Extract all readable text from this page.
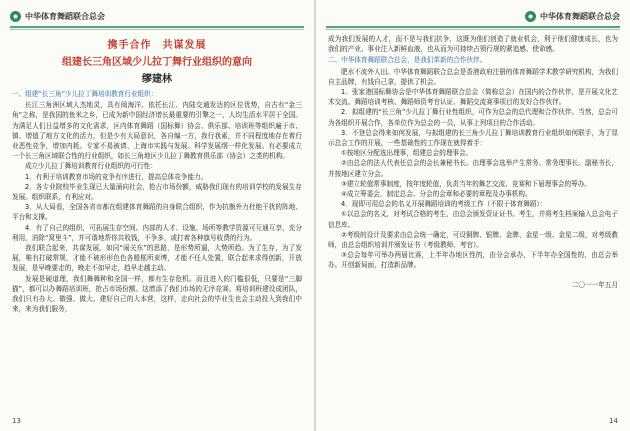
中华体育舞蹈联合总会
携手合作　共谋发展
组建长三角区域少儿拉丁舞行业组织的意向
缪建林
一、组建“长三角”少儿拉丁舞培训教育行业组织：

长江三角洲区域人杰地灵，具有阅海洋、依托长江、内陆交通发达的区位优势，自古有“金三角”之称，是我国的鱼米之乡，已成为新中国经济增长最重要的引擎之一，人均生活水平居于全国。为满足人们日益增多的文化需求，区内体育舞蹈（国标舞）协会、俱乐部、培训班等组织遍于市、镇、增值了地方文化的活力，但是少有大局意识，各自编一方，我行我素，并不同程度地存在着行业恶性竞争，增加内耗。专家不易被请、上海市实践与发展、科学发展纲一样化发展。有必要成立一个长三角区域联合性的行业组织，如长三角地区少儿拉丁舞教育俱乐部（协会）之类的机构。

成立少儿拉丁舞培训教育行业组织的可行性：

1．有利于培训教育市场的竞争有序进行，提高总体竞争能力。

2．各专业院校毕业生现已大量涌向社会，抢占市场份额，威胁我们现有的培训学校的发展生存发展。组织联系，有利应对。

3．从大局看，全国各省市都在组建体育舞蹈的自身联合组织，作为抗衡外力杜绝干扰的阵地、平台和支撑。

4．有了自己的组织，可拓展生存空间。内部的人才、设施、场所等教学资源可互通互享，充分利用，消除“窝里斗”，并可谐地帮你共收钱，不争多，或打着各种旗号收费的行为。

我们联合起来，共谋发展，如同“闹关东”的思路，是形势所逼，大势所趋。为了生存，为了发展，唯有打破常规，才能不被形形色色各般框所束缚，才能不任人处置，联合起来求得创新，开放发展，是早晚要走的，晚走不如早走，趋早走越主动。

发展是硬道理，我们舞舞种和全国一样，都有生存危机。而且进入的门槛很低，只要是“三脚猫”，都可以办舞蹈培训班，抢占市场份额。这增添了我们市场的无序竞赛。将培训班建设成团队，我们只有办大、做强、做大、建好自己的大本营，这样，走向社会的毕业生也会主动投入到我们中来，来为我们服务，

13
中华体育舞蹈联合总会

成为我们发展的人才，而不是与我们抗争，这既为他们创造了就业机会，利于他们健康成长，也为我们的产业、事业注入新鲜血液，也从而为可持续占领行规的紧追感、使命感。

二、中华体育舞蹈联合总会，是我们革新的合作伙伴。

肥水不流外人田。中华体育舞蹈联合总会是香港政府注册的体育舞蹈学术教学研究机构，为我们自主品牌，有钱自己拿，提供了机会。

1．张家港国标舞协会是中华体育舞蹈联合总会（简称总会）在国内的合作伙伴，是开展文化艺术交流、舞蹈培训考核、舞蹈师资考官认证、舞蹈交流赛事项目的友好合作伙伴。

2．拟组建的“长三角”少儿拉丁舞行业性组织，可作为总会的总代理和合作伙伴。当然，总会可为各组织开展合作，各单位作为总会的一员，从事上列项目的合作活动。

3．不登总会得来如何发展，与拟组建的长三角少儿拉丁舞培训教育行业组织如何联手，为了显示总会工作的开展，一些基础性的工作现在就得着手：

①按地区分配选出理事，组建总会的理事会。

②由总会的法人代表任总会的会长兼秘书长。由理事会选举产生常务、常务理事长、副秘书长，并按地区建立分会。

③建立轮值常事制度，按年度轮值，负责当年的舞艺交流、竞赛和下届理事会的筹办。

④成立筹委会，制定总会、分会的会章和必要的章程及办事机构。

4．现即可用总会的名义开展舞蹈培训的考级工作（不限于体育舞蹈）：

①以总会的名义，对考试合格的考生，由总会颁发资证证书。考生，并将考生档案输入总会电子信息库。

②考级的设计及要求由总会统一确定，可设铜牌、银牌、金牌、金星一级、金星二级，对考级教师，由总会组织培训并颁发证书（考级教师、考官）。

③总会每年可举办两届比赛，上半年办地区性的，由分会承办，下半年办全国性的，由总会举办。开创新局面，打造新品牌。

二〇一一年五月
14
